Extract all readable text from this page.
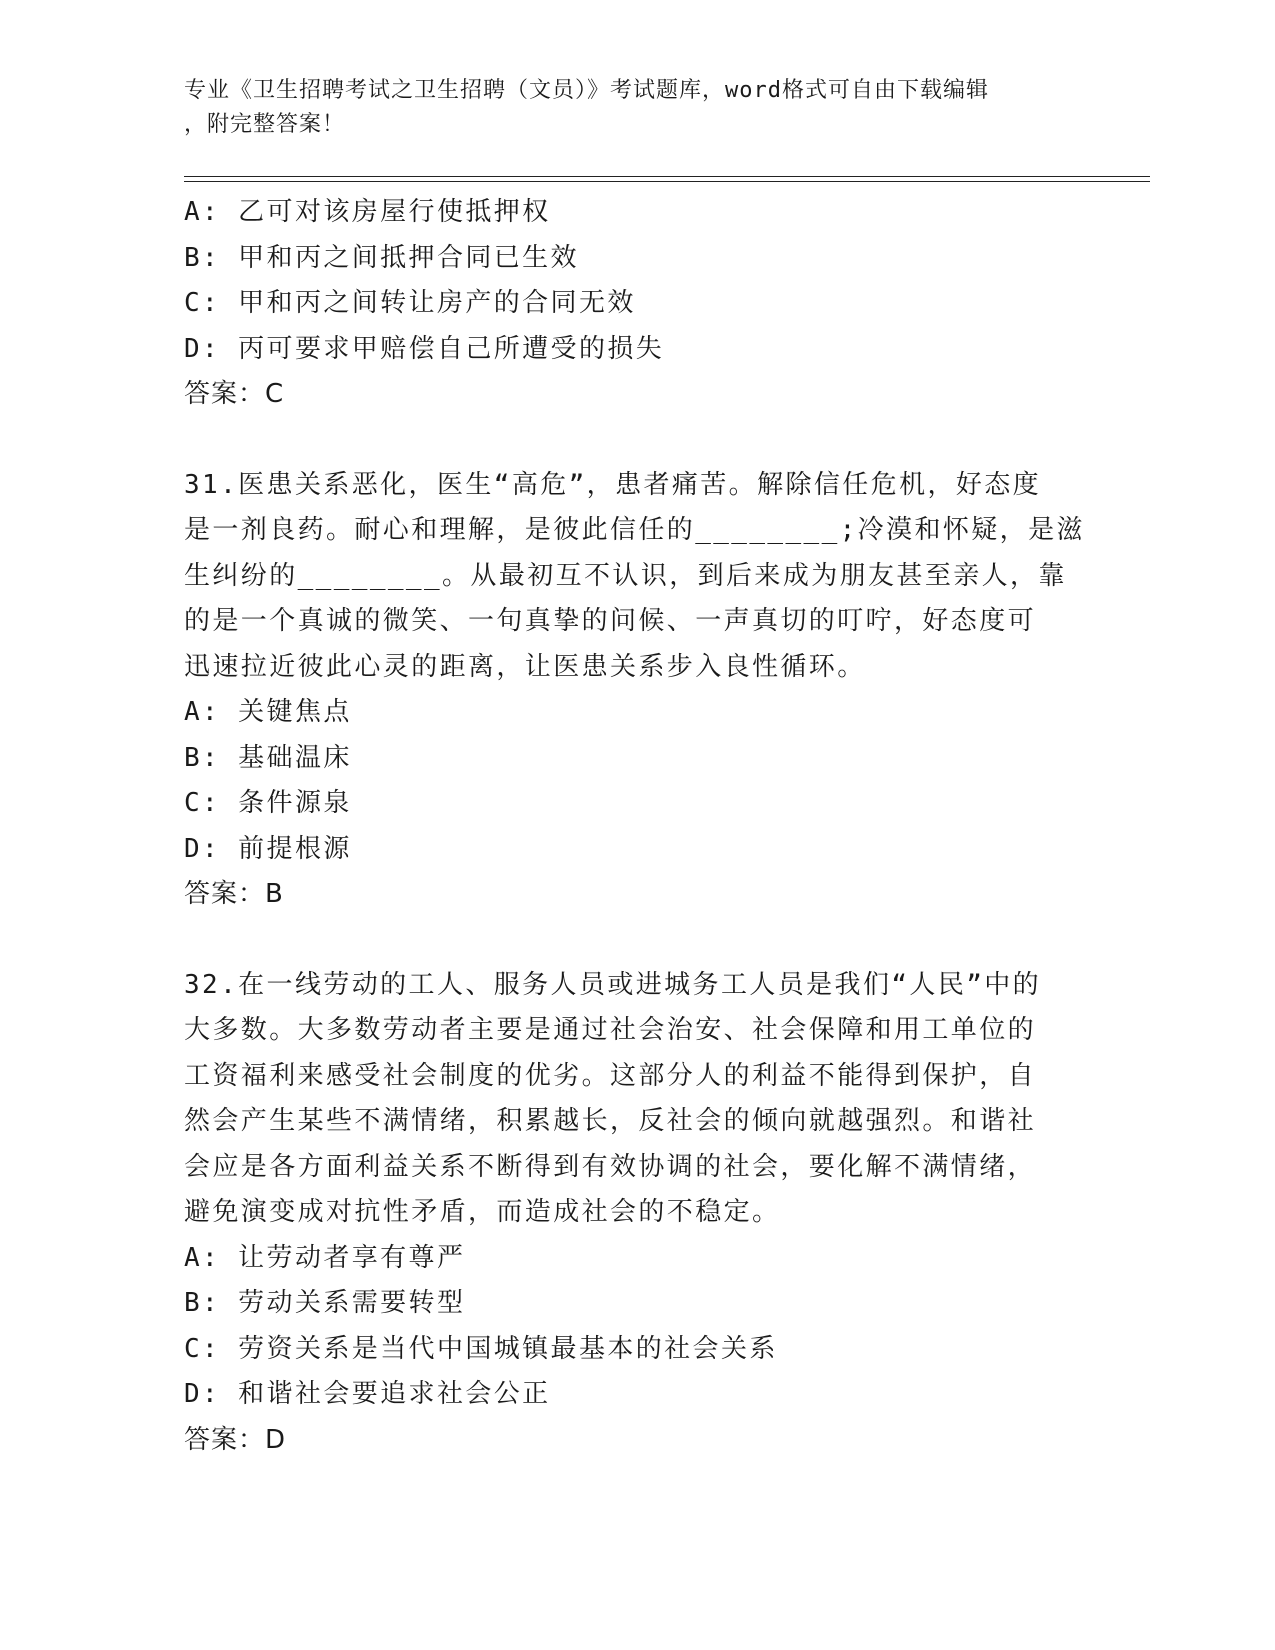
专业《卫生招聘考试之卫生招聘（文员）》考试题库，word格式可自由下载编辑
，附完整答案！
A: 乙可对该房屋行使抵押权
B: 甲和丙之间抵押合同已生效
C: 甲和丙之间转让房产的合同无效
D: 丙可要求甲赔偿自己所遭受的损失
答案：C
31.医患关系恶化，医生“高危”，患者痛苦。解除信任危机，好态度
是一剂良药。耐心和理解，是彼此信任的________;冷漠和怀疑，是滋
生纠纷的________。从最初互不认识，到后来成为朋友甚至亲人，靠
的是一个真诚的微笑、一句真挚的问候、一声真切的叮咛，好态度可
迅速拉近彼此心灵的距离，让医患关系步入良性循环。
A: 关键焦点
B: 基础温床
C: 条件源泉
D: 前提根源
答案：B
32.在一线劳动的工人、服务人员或进城务工人员是我们“人民”中的
大多数。大多数劳动者主要是通过社会治安、社会保障和用工单位的
工资福利来感受社会制度的优劣。这部分人的利益不能得到保护，自
然会产生某些不满情绪，积累越长，反社会的倾向就越强烈。和谐社
会应是各方面利益关系不断得到有效协调的社会，要化解不满情绪，
避免演变成对抗性矛盾，而造成社会的不稳定。
A: 让劳动者享有尊严
B: 劳动关系需要转型
C: 劳资关系是当代中国城镇最基本的社会关系
D: 和谐社会要追求社会公正
答案：D
